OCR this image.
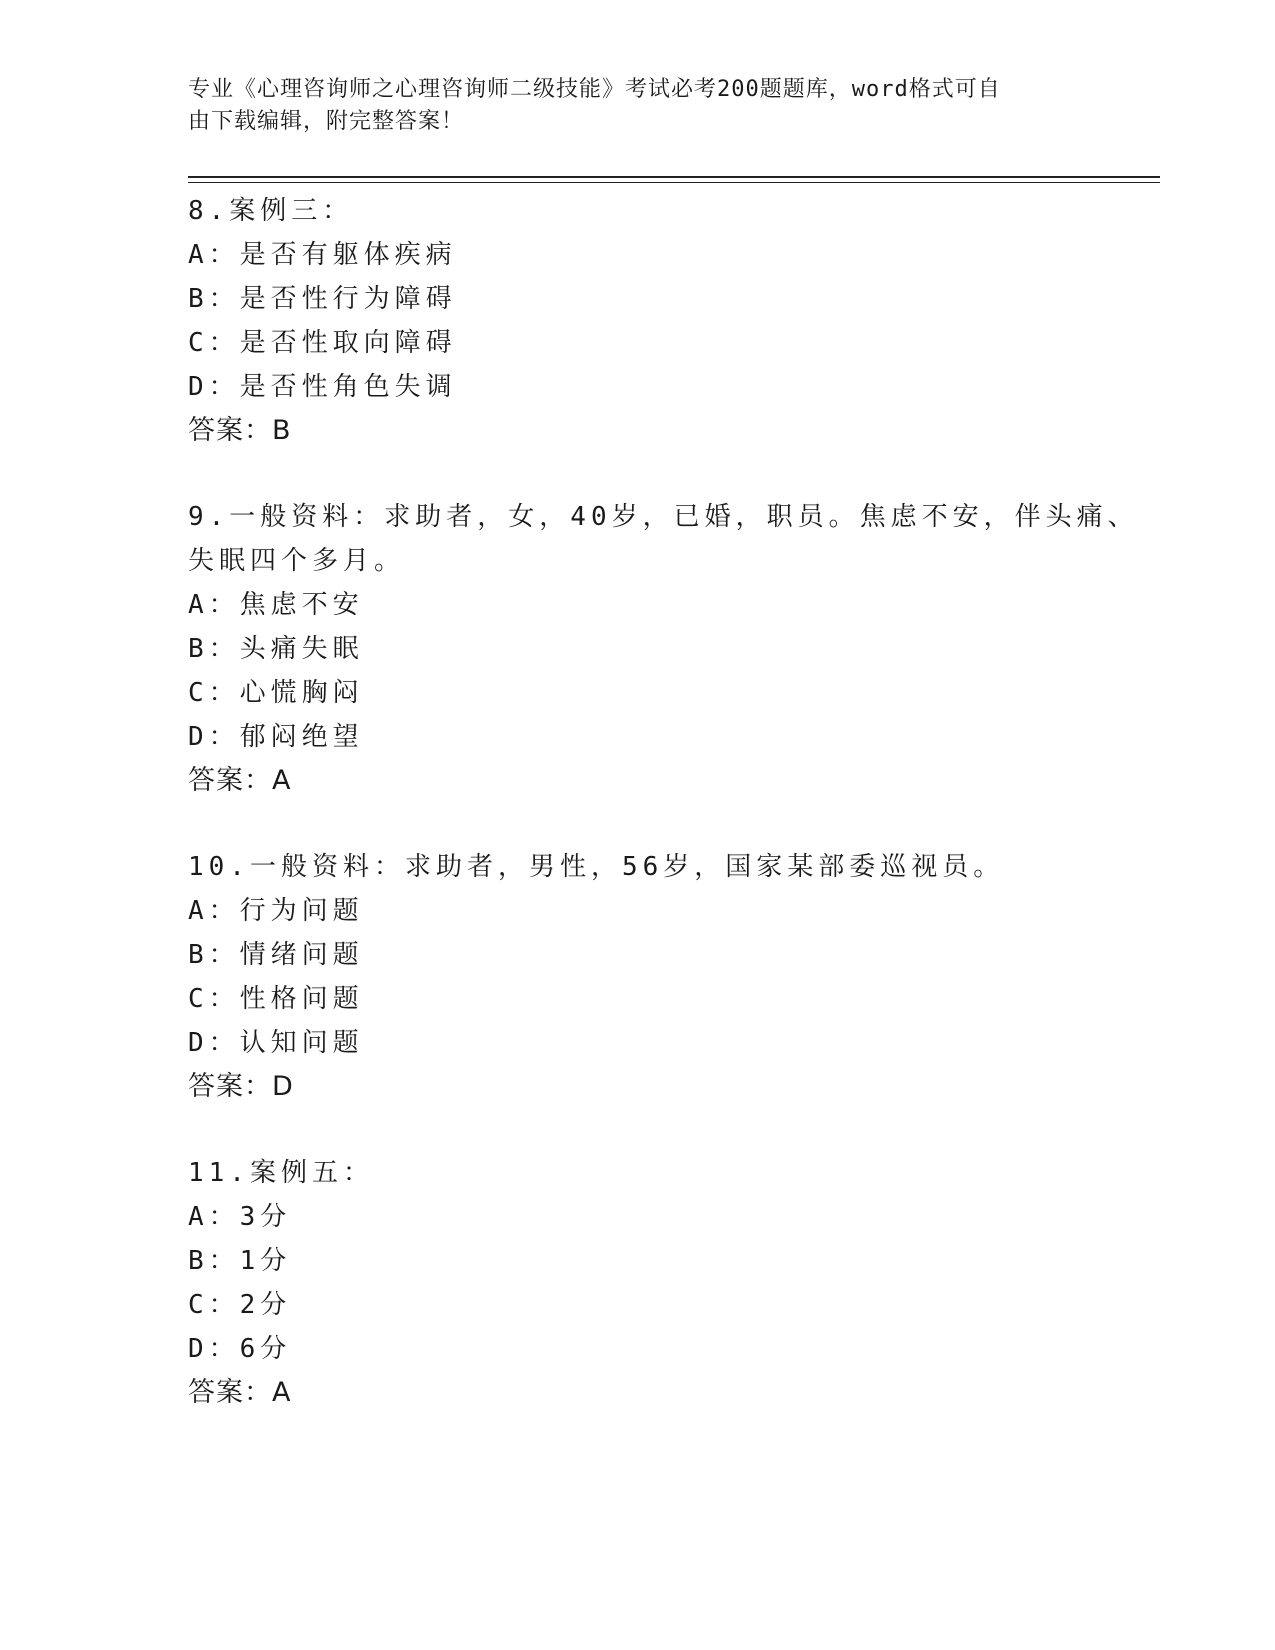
专业《心理咨询师之心理咨询师二级技能》考试必考200题题库，word格式可自
由下载编辑，附完整答案！
8.案例三：
A：是否有躯体疾病
B：是否性行为障碍
C：是否性取向障碍
D：是否性角色失调
答案：B
9.一般资料：求助者，女，40岁，已婚，职员。焦虑不安，伴头痛、
失眠四个多月。
A：焦虑不安
B：头痛失眠
C：心慌胸闷
D：郁闷绝望
答案：A
10.一般资料：求助者，男性，56岁，国家某部委巡视员。
A：行为问题
B：情绪问题
C：性格问题
D：认知问题
答案：D
11.案例五：
A：3分
B：1分
C：2分
D：6分
答案：A
